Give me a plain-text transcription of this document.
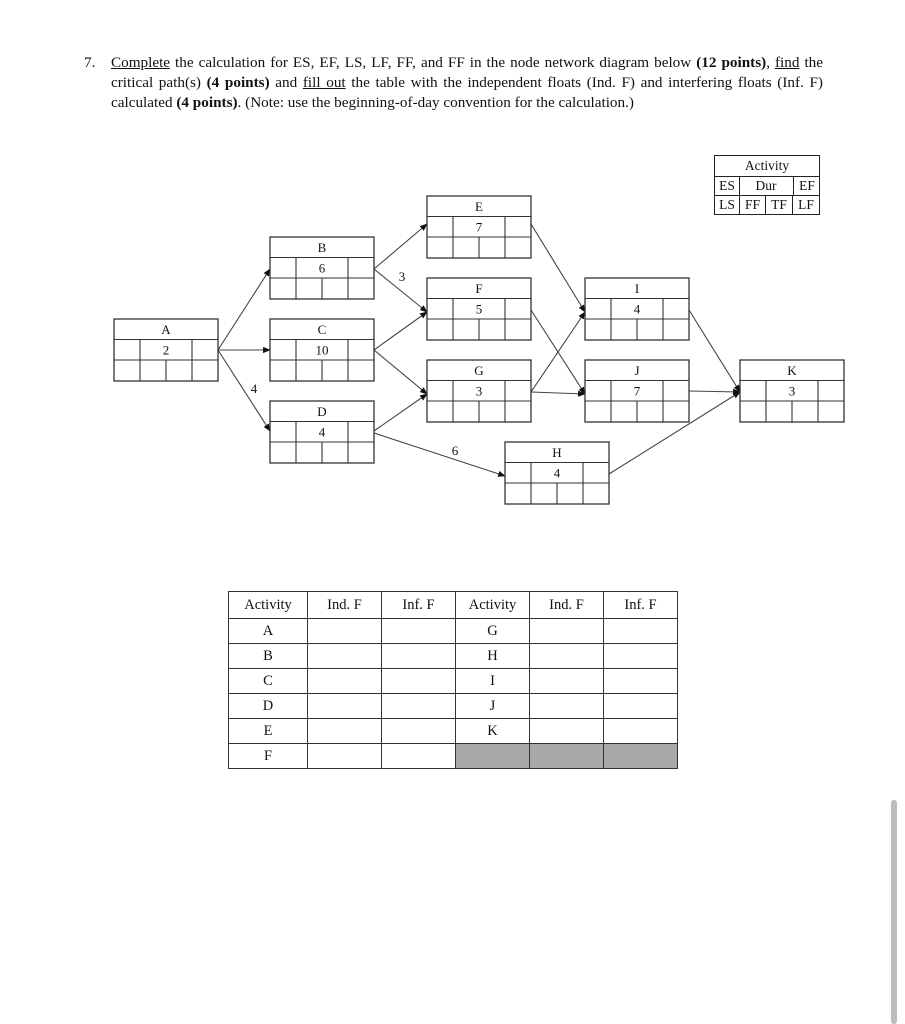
7. Complete the calculation for ES, EF, LS, LF, FF, and FF in the node network diagram below (12 points), find the critical path(s) (4 points) and fill out the table with the independent floats (Ind. F) and interfering floats (Inf. F) calculated (4 points). (Note: use the beginning-of-day convention for the calculation.)
Activity
ES	Dur	EF
LS FF TF LF
A
2
B
6
C
10
D
4
E
7
F
5
G
3
H
4
I
4
J
7
K
3
3
4
6
Activity	Ind. F	Inf. F	Activity	Ind. F	Inf. F
A			G		
B			H		
C			I		
D			J		
E			K		
F					
